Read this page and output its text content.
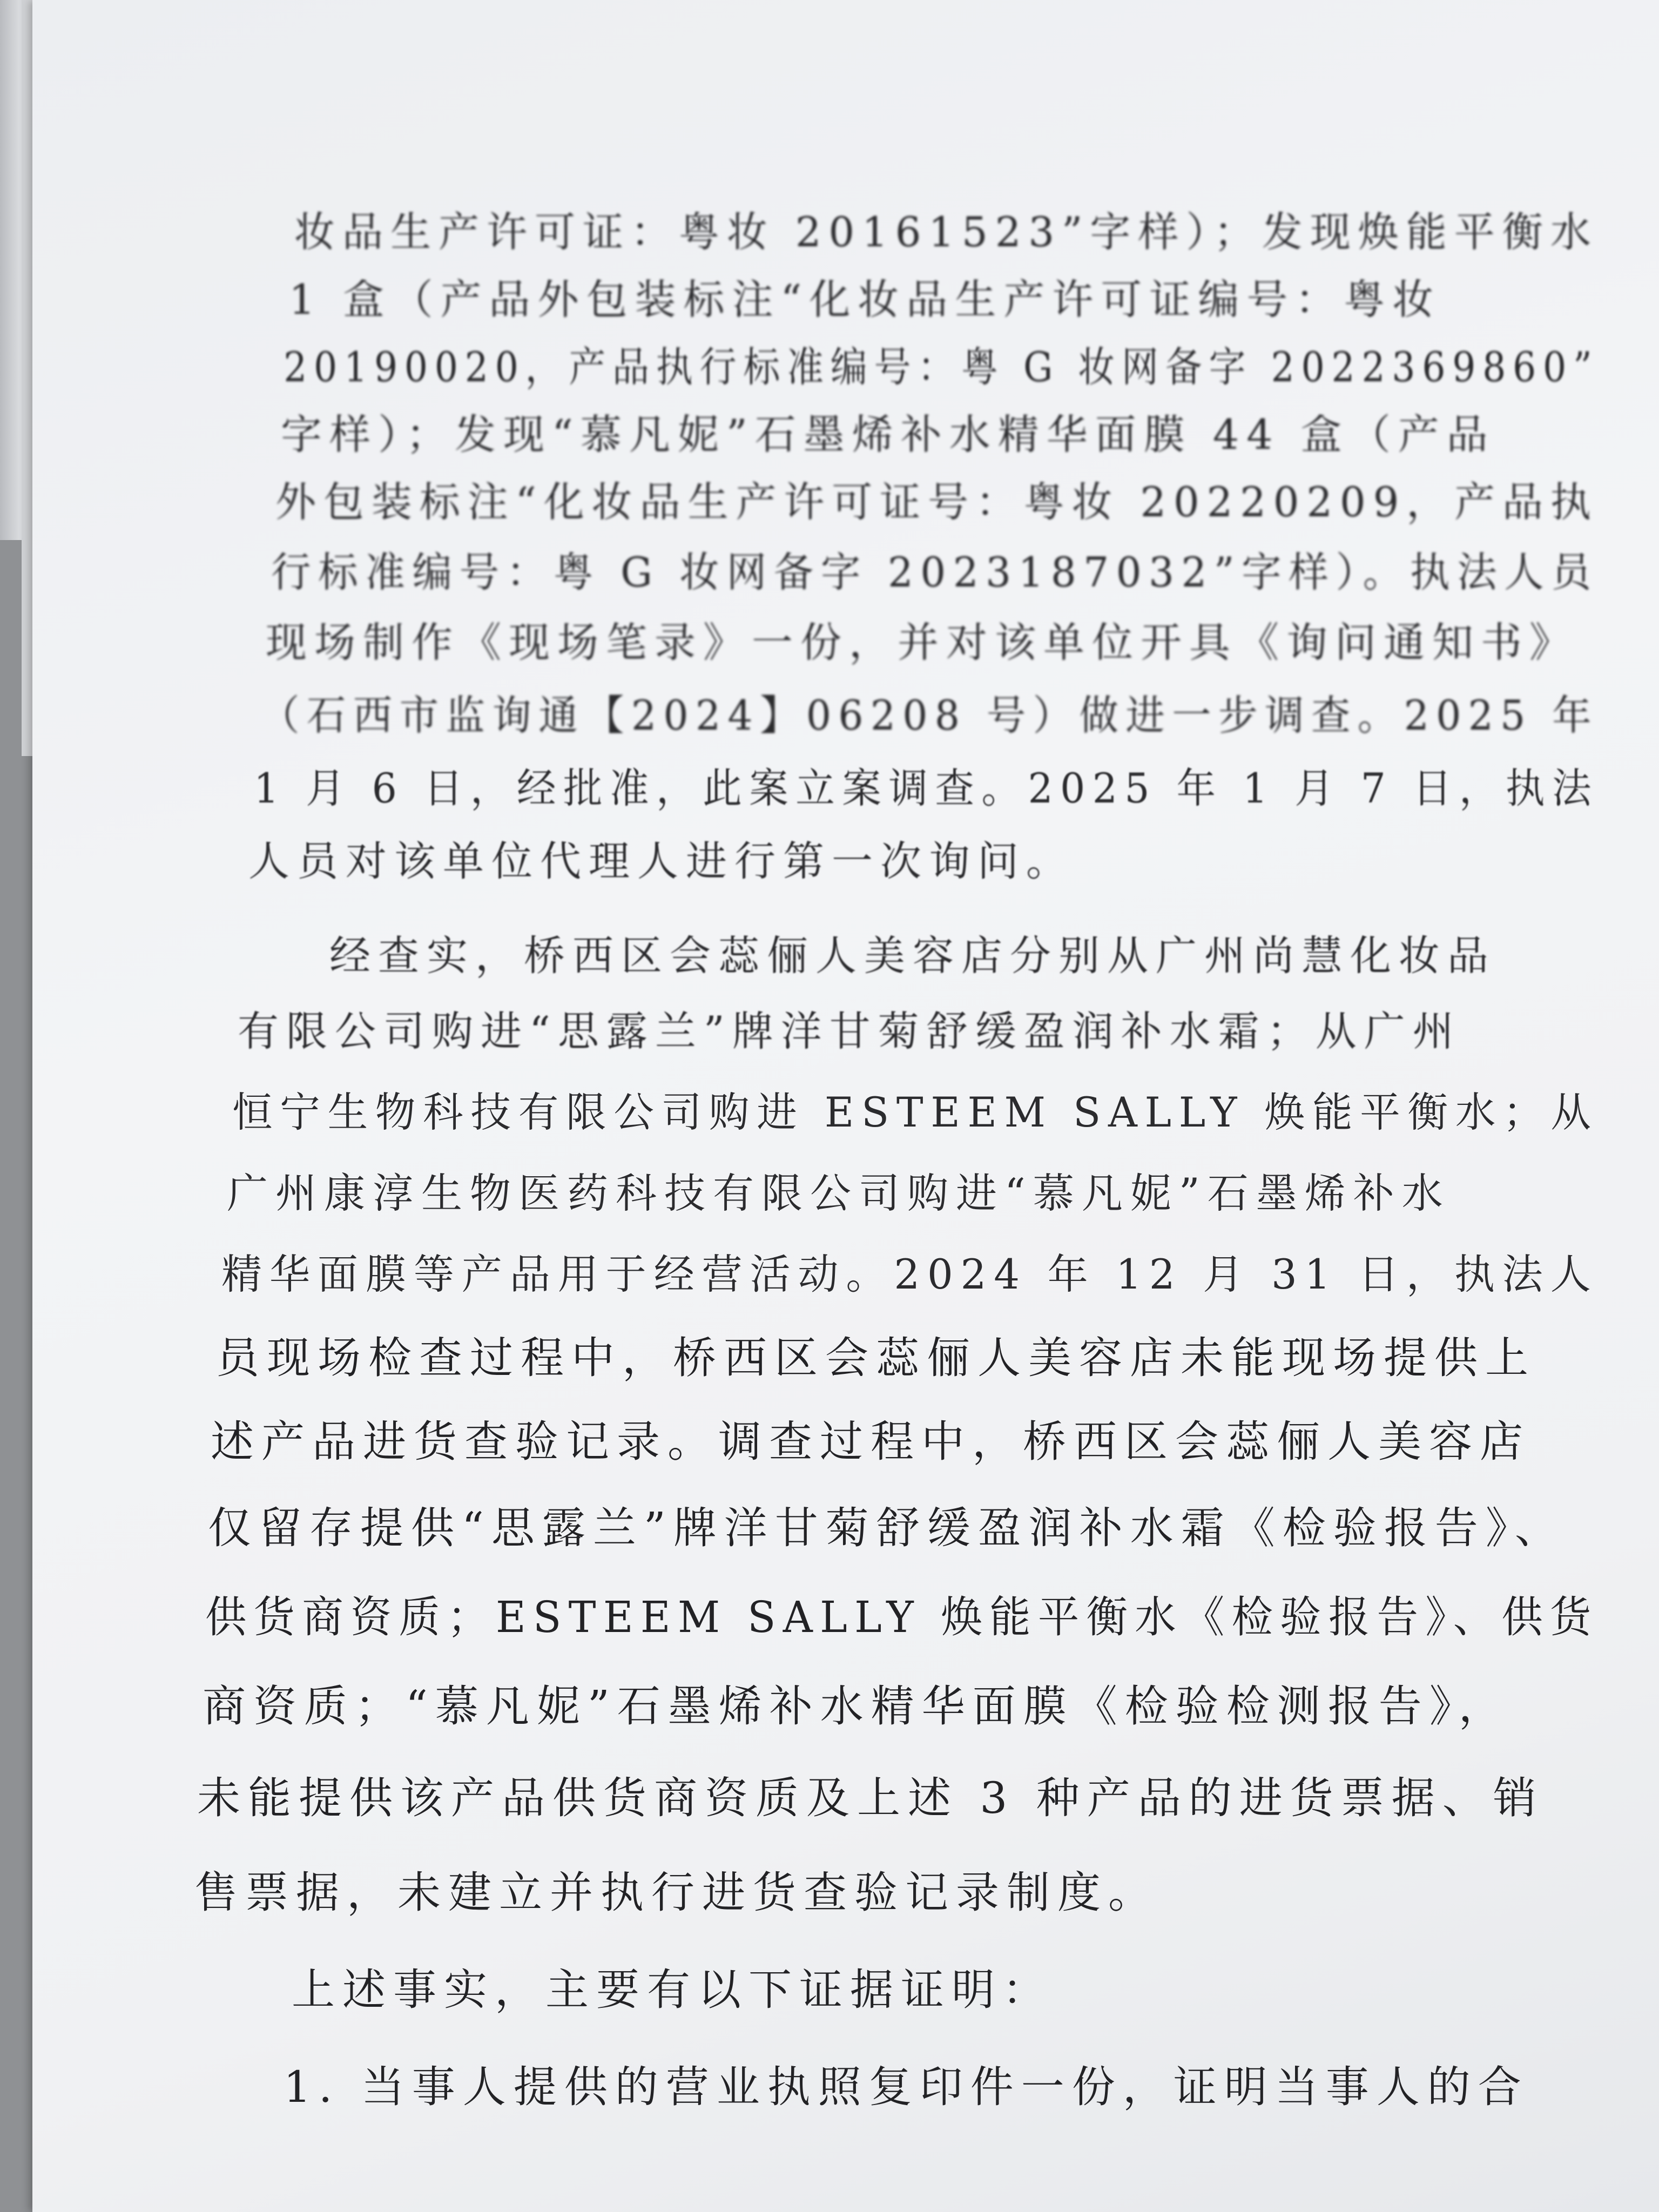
妆品生产许可证：粤妆 20161523”字样）；发现焕能平衡水
1 盒（产品外包装标注“化妆品生产许可证编号：粤妆
20190020，产品执行标准编号：粤 G 妆网备字 2022369860”
字样）；发现“慕凡妮”石墨烯补水精华面膜 44 盒（产品
外包装标注“化妆品生产许可证号：粤妆 20220209，产品执
行标准编号：粤 G 妆网备字 2023187032”字样）。执法人员
现场制作《现场笔录》一份，并对该单位开具《询问通知书》
（石西市监询通【2024】06208 号）做进一步调查。2025 年
1 月 6 日，经批准，此案立案调查。2025 年 1 月 7 日，执法
人员对该单位代理人进行第一次询问。
经查实，桥西区会蕊俪人美容店分别从广州尚慧化妆品
有限公司购进“思露兰”牌洋甘菊舒缓盈润补水霜；从广州
恒宁生物科技有限公司购进 ESTEEM SALLY 焕能平衡水；从
广州康淳生物医药科技有限公司购进“慕凡妮”石墨烯补水
精华面膜等产品用于经营活动。2024 年 12 月 31 日，执法人
员现场检查过程中，桥西区会蕊俪人美容店未能现场提供上
述产品进货查验记录。调查过程中，桥西区会蕊俪人美容店
仅留存提供“思露兰”牌洋甘菊舒缓盈润补水霜《检验报告》、
供货商资质；ESTEEM SALLY 焕能平衡水《检验报告》、供货
商资质；“慕凡妮”石墨烯补水精华面膜《检验检测报告》，
未能提供该产品供货商资质及上述 3 种产品的进货票据、销
售票据，未建立并执行进货查验记录制度。
上述事实，主要有以下证据证明：
1. 当事人提供的营业执照复印件一份，证明当事人的合
